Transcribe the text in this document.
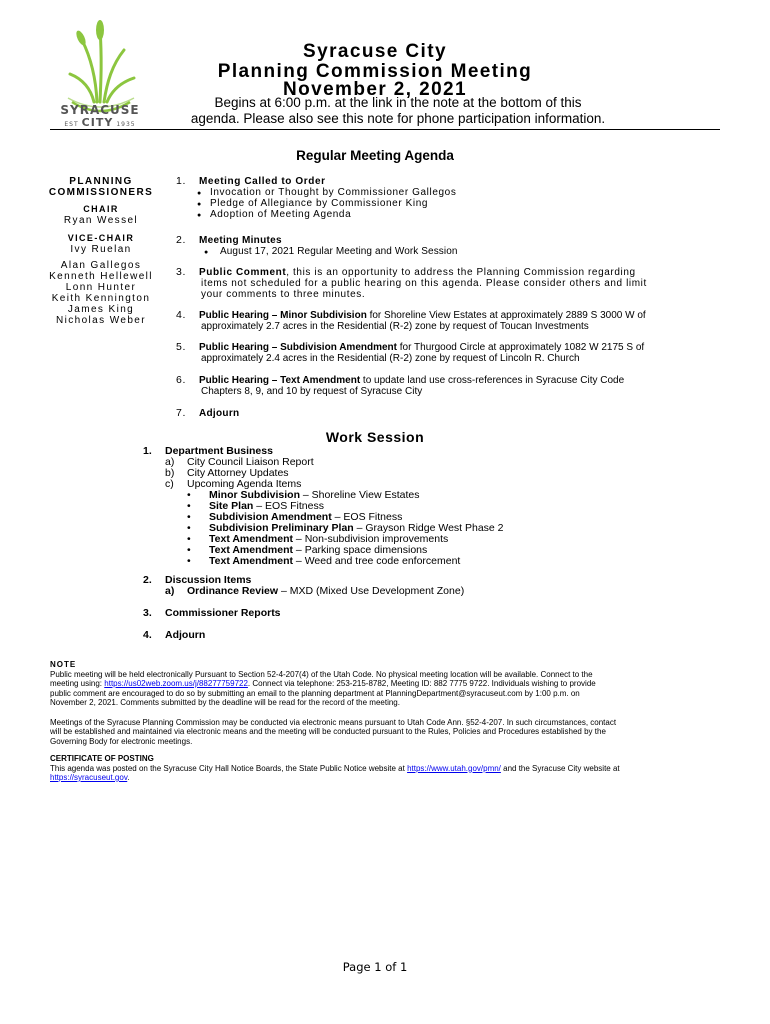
SYRACUSE
EST CITY 1935
Syracuse City
Planning Commission Meeting
November 2, 2021
Begins at 6:00 p.m. at the link in the note at the bottom of this
agenda. Please also see this note for phone participation information.
Regular Meeting Agenda
PLANNING
COMMISSIONERS
CHAIR
Ryan Wessel
VICE-CHAIR
Ivy Ruelan
Alan Gallegos
Kenneth Hellewell
Lonn Hunter
Keith Kennington
James King
Nicholas Weber
1. Meeting Called to Order
● Invocation or Thought by Commissioner Gallegos
● Pledge of Allegiance by Commissioner King
● Adoption of Meeting Agenda
2. Meeting Minutes
● August 17, 2021 Regular Meeting and Work Session
3. Public Comment, this is an opportunity to address the Planning Commission regarding
items not scheduled for a public hearing on this agenda. Please consider others and limit
your comments to three minutes.
4. Public Hearing – Minor Subdivision for Shoreline View Estates at approximately 2889 S 3000 W of
approximately 2.7 acres in the Residential (R-2) zone by request of Toucan Investments
5. Public Hearing – Subdivision Amendment for Thurgood Circle at approximately 1082 W 2175 S of
approximately 2.4 acres in the Residential (R-2) zone by request of Lincoln R. Church
6. Public Hearing – Text Amendment to update land use cross-references in Syracuse City Code
Chapters 8, 9, and 10 by request of Syracuse City
7. Adjourn
Work Session
1. Department Business
a) City Council Liaison Report
b) City Attorney Updates
c) Upcoming Agenda Items
• Minor Subdivision – Shoreline View Estates
• Site Plan – EOS Fitness
• Subdivision Amendment – EOS Fitness
• Subdivision Preliminary Plan – Grayson Ridge West Phase 2
• Text Amendment – Non-subdivision improvements
• Text Amendment – Parking space dimensions
• Text Amendment – Weed and tree code enforcement
2. Discussion Items
a) Ordinance Review – MXD (Mixed Use Development Zone)
3. Commissioner Reports
4. Adjourn
NOTE
Public meeting will be held electronically Pursuant to Section 52-4-207(4) of the Utah Code. No physical meeting location will be available. Connect to the
meeting using: https://us02web.zoom.us/j/88277759722. Connect via telephone: 253-215-8782, Meeting ID: 882 7775 9722. Individuals wishing to provide
public comment are encouraged to do so by submitting an email to the planning department at PlanningDepartment@syracuseut.com by 1:00 p.m. on
November 2, 2021. Comments submitted by the deadline will be read for the record of the meeting.
Meetings of the Syracuse Planning Commission may be conducted via electronic means pursuant to Utah Code Ann. §52-4-207. In such circumstances, contact
will be established and maintained via electronic means and the meeting will be conducted pursuant to the Rules, Policies and Procedures established by the
Governing Body for electronic meetings.
CERTIFICATE OF POSTING
This agenda was posted on the Syracuse City Hall Notice Boards, the State Public Notice website at https://www.utah.gov/pmn/ and the Syracuse City website at
https://syracuseut.gov.
Page 1 of 1
